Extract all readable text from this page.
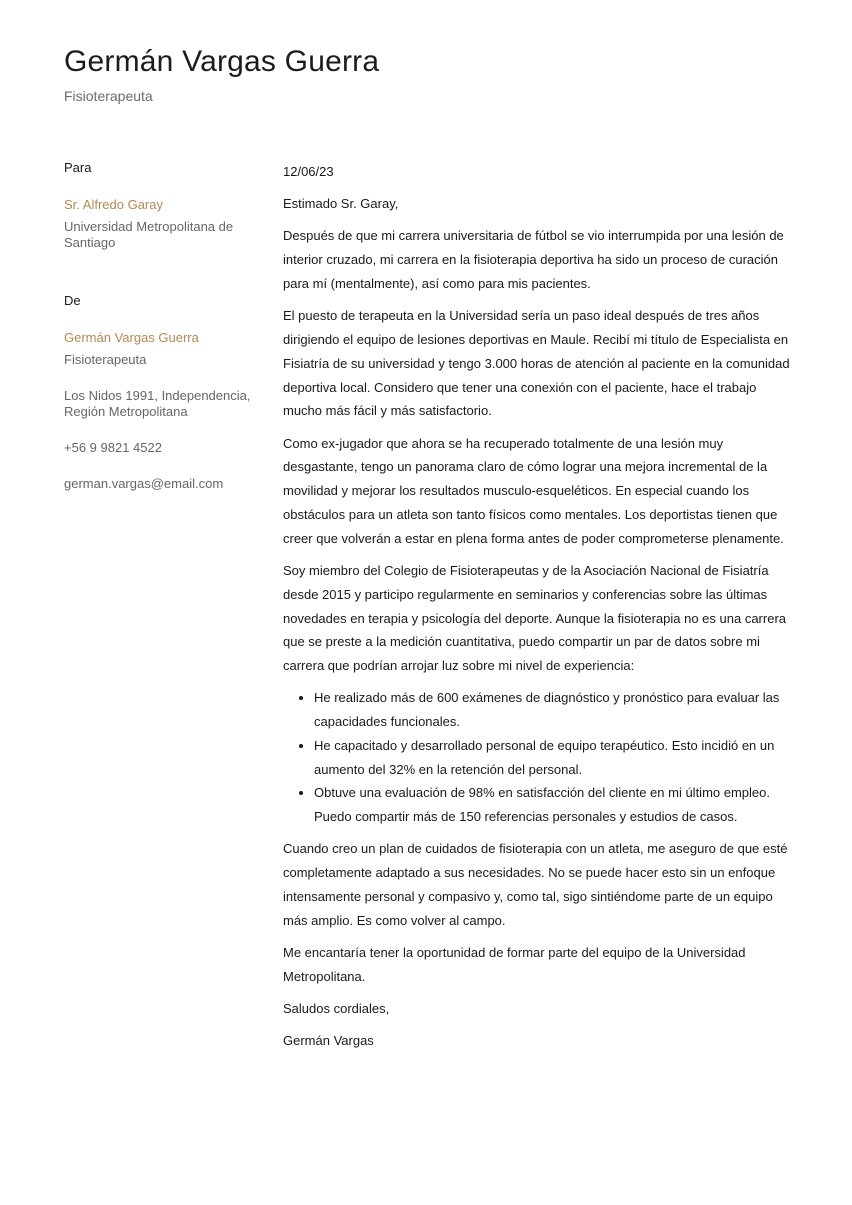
Germán Vargas Guerra
Fisioterapeuta
Para
Sr. Alfredo Garay
Universidad Metropolitana de Santiago
De
Germán Vargas Guerra
Fisioterapeuta
Los Nidos 1991, Independencia, Región Metropolitana
+56 9 9821 4522
german.vargas@email.com

12/06/23

Estimado Sr. Garay,

Después de que mi carrera universitaria de fútbol se vio interrumpida por una lesión de interior cruzado, mi carrera en la fisioterapia deportiva ha sido un proceso de curación para mí (mentalmente), así como para mis pacientes.

El puesto de terapeuta en la Universidad sería un paso ideal después de tres años dirigiendo el equipo de lesiones deportivas en Maule. Recibí mi título de Especialista en Fisiatría de su universidad y tengo 3.000 horas de atención al paciente en la comunidad deportiva local. Considero que tener una conexión con el paciente, hace el trabajo mucho más fácil y más satisfactorio.

Como ex-jugador que ahora se ha recuperado totalmente de una lesión muy desgastante, tengo un panorama claro de cómo lograr una mejora incremental de la movilidad y mejorar los resultados musculo-esqueléticos. En especial cuando los obstáculos para un atleta son tanto físicos como mentales. Los deportistas tienen que creer que volverán a estar en plena forma antes de poder comprometerse plenamente.

Soy miembro del Colegio de Fisioterapeutas y de la Asociación Nacional de Fisiatría desde 2015 y participo regularmente en seminarios y conferencias sobre las últimas novedades en terapia y psicología del deporte. Aunque la fisioterapia no es una carrera que se preste a la medición cuantitativa, puedo compartir un par de datos sobre mi carrera que podrían arrojar luz sobre mi nivel de experiencia:

• He realizado más de 600 exámenes de diagnóstico y pronóstico para evaluar las capacidades funcionales.
• He capacitado y desarrollado personal de equipo terapéutico. Esto incidió en un aumento del 32% en la retención del personal.
• Obtuve una evaluación de 98% en satisfacción del cliente en mi último empleo. Puedo compartir más de 150 referencias personales y estudios de casos.

Cuando creo un plan de cuidados de fisioterapia con un atleta, me aseguro de que esté completamente adaptado a sus necesidades. No se puede hacer esto sin un enfoque intensamente personal y compasivo y, como tal, sigo sintiéndome parte de un equipo más amplio. Es como volver al campo.

Me encantaría tener la oportunidad de formar parte del equipo de la Universidad Metropolitana.

Saludos cordiales,

Germán Vargas
